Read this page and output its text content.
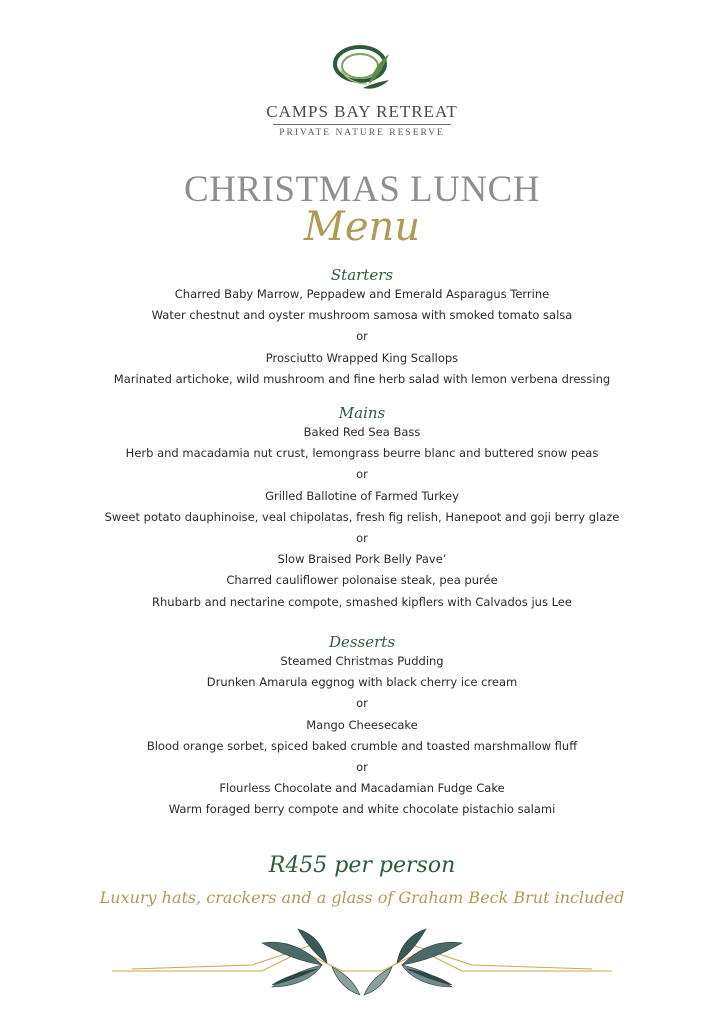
CAMPS BAY RETREAT
PRIVATE NATURE RESERVE
CHRISTMAS LUNCH
Menu
Starters
Charred Baby Marrow, Peppadew and Emerald Asparagus Terrine
Water chestnut and oyster mushroom samosa with smoked tomato salsa
or
Prosciutto Wrapped King Scallops
Marinated artichoke, wild mushroom and fine herb salad with lemon verbena dressing
Mains
Baked Red Sea Bass
Herb and macadamia nut crust, lemongrass beurre blanc and buttered snow peas
or
Grilled Ballotine of Farmed Turkey
Sweet potato dauphinoise, veal chipolatas, fresh fig relish, Hanepoot and goji berry glaze
or
Slow Braised Pork Belly Pave’
Charred cauliflower polonaise steak, pea purée
Rhubarb and nectarine compote, smashed kipflers with Calvados jus Lee
Desserts
Steamed Christmas Pudding
Drunken Amarula eggnog with black cherry ice cream
or
Mango Cheesecake
Blood orange sorbet, spiced baked crumble and toasted marshmallow fluff
or
Flourless Chocolate and Macadamian Fudge Cake
Warm foraged berry compote and white chocolate pistachio salami
R455 per person
Luxury hats, crackers and a glass of Graham Beck Brut included
